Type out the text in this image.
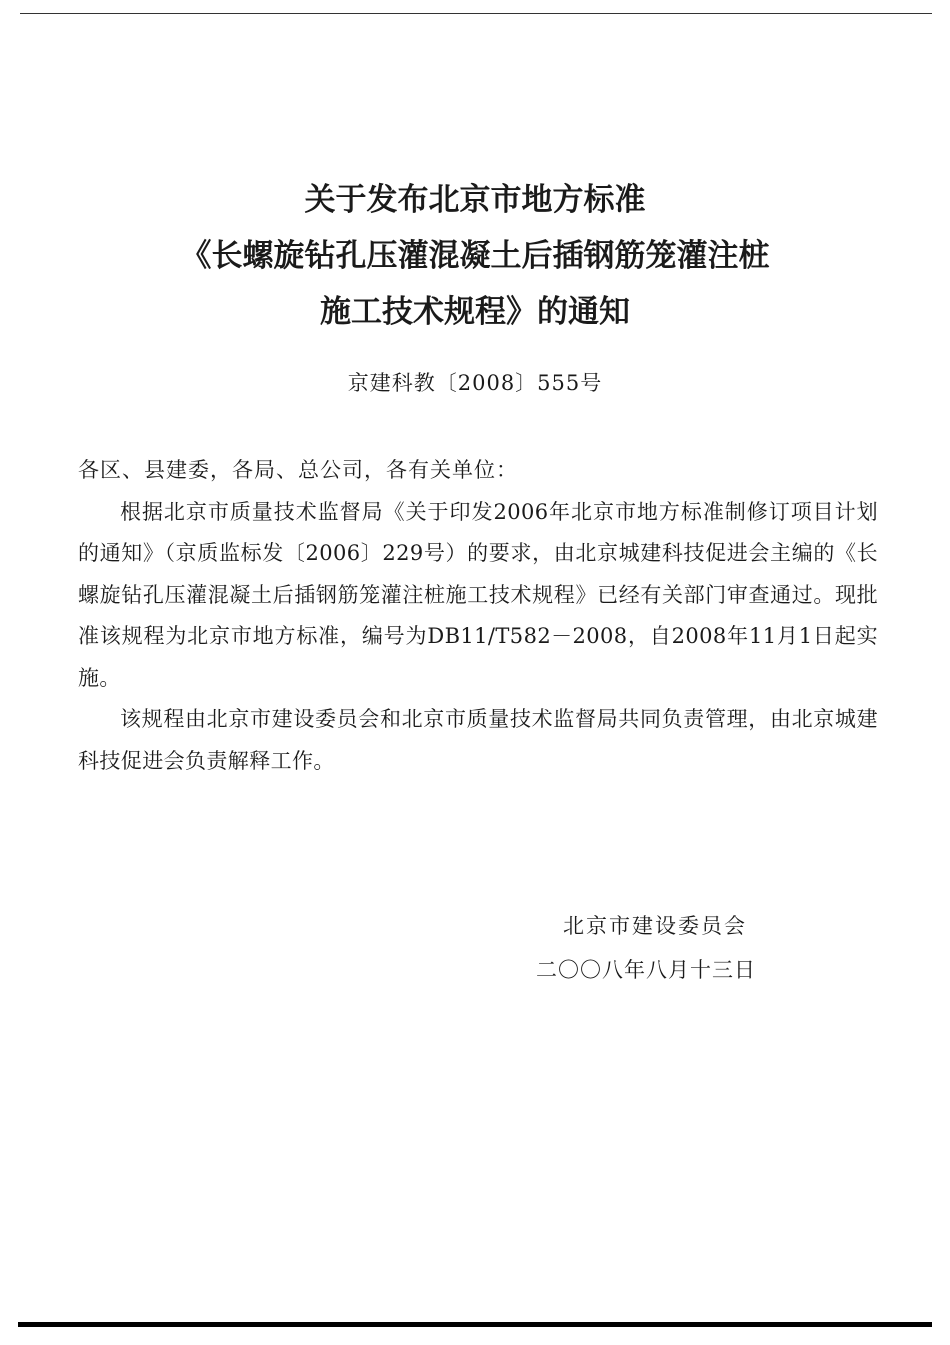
关于发布北京市地方标准
《长螺旋钻孔压灌混凝土后插钢筋笼灌注桩
施工技术规程》的通知
京建科教〔2008〕555号

各区、县建委，各局、总公司，各有关单位：

根据北京市质量技术监督局《关于印发2006年北京市地方标准制修订项目计划的通知》（京质监标发〔2006〕229号）的要求，由北京城建科技促进会主编的《长螺旋钻孔压灌混凝土后插钢筋笼灌注桩施工技术规程》已经有关部门审查通过。现批准该规程为北京市地方标准，编号为DB11/T582－2008，自2008年11月1日起实施。

该规程由北京市建设委员会和北京市质量技术监督局共同负责管理，由北京城建科技促进会负责解释工作。

北京市建设委员会
二〇〇八年八月十三日
